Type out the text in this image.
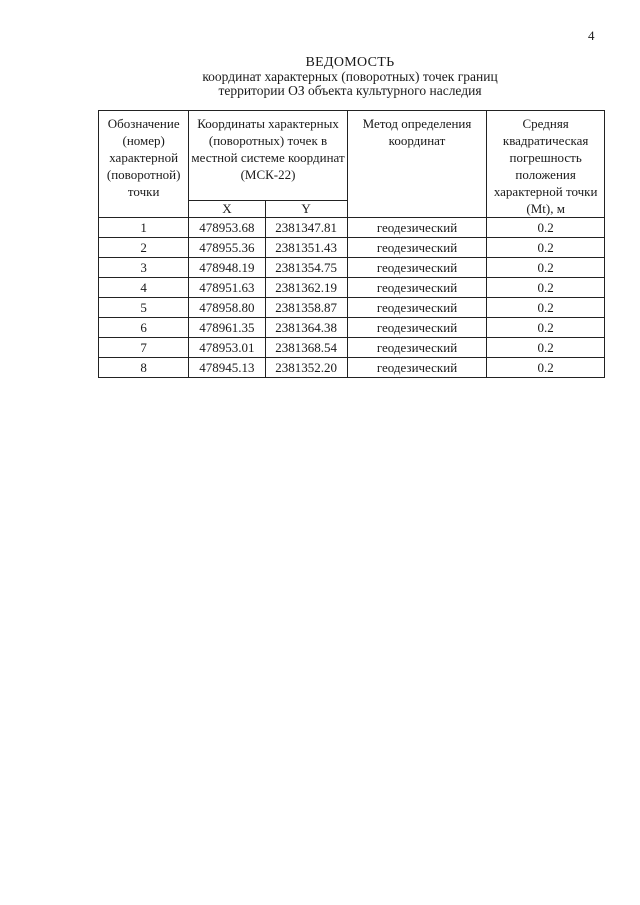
4
ВЕДОМОСТЬ
координат характерных (поворотных) точек границ
территории ОЗ объекта культурного наследия
Обозначение (номер) характерной (поворотной) точки	Координаты характерных (поворотных) точек в местной системе координат (МСК-22)		Метод определения координат	Средняя квадратическая погрешность положения характерной точки (Mt), м
	X	Y		
1	478953.68	2381347.81	геодезический	0.2
2	478955.36	2381351.43	геодезический	0.2
3	478948.19	2381354.75	геодезический	0.2
4	478951.63	2381362.19	геодезический	0.2
5	478958.80	2381358.87	геодезический	0.2
6	478961.35	2381364.38	геодезический	0.2
7	478953.01	2381368.54	геодезический	0.2
8	478945.13	2381352.20	геодезический	0.2
